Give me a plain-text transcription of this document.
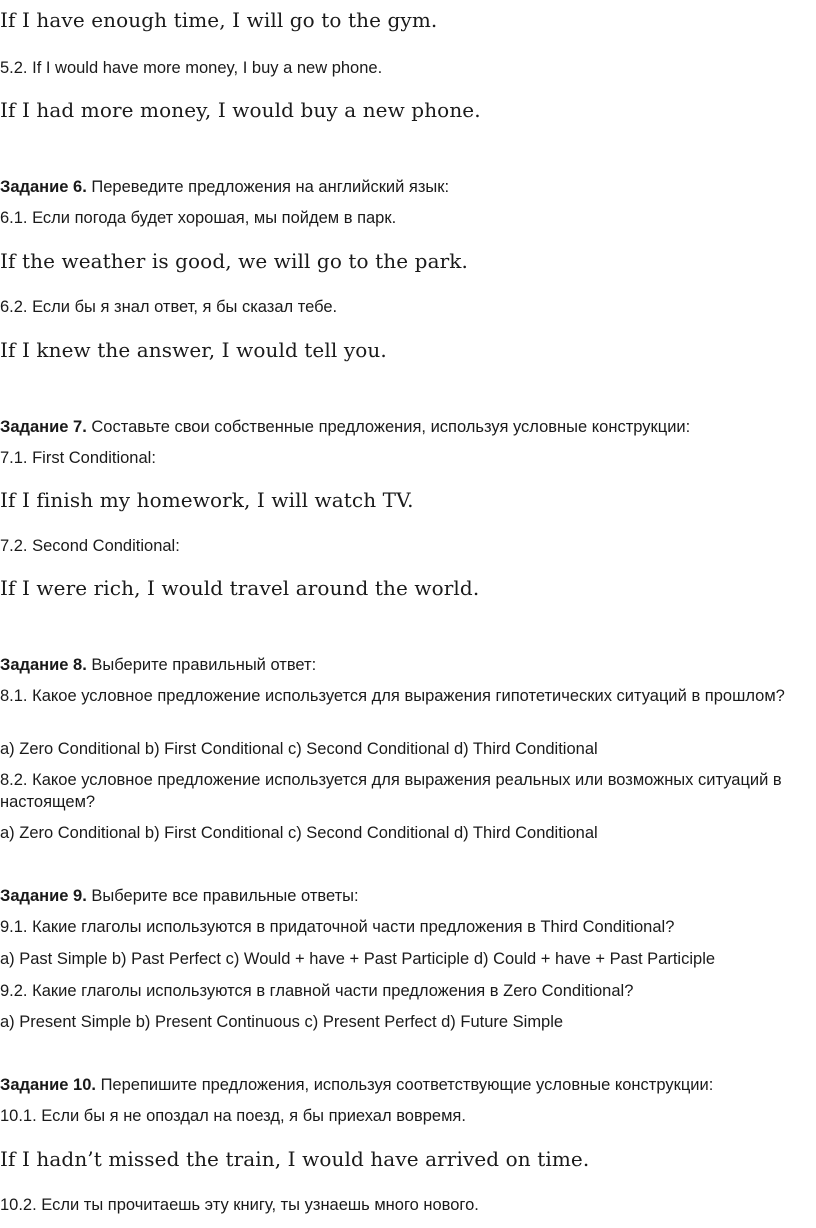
If I have enough time, I will go to the gym.
5.2. If I would have more money, I buy a new phone.
If I had more money, I would buy a new phone.
Задание 6. Переведите предложения на английский язык:
6.1. Если погода будет хорошая, мы пойдем в парк.
If the weather is good, we will go to the park.
6.2. Если бы я знал ответ, я бы сказал тебе.
If I knew the answer, I would tell you.
Задание 7. Составьте свои собственные предложения, используя условные конструкции:
7.1. First Conditional:
If I finish my homework, I will watch TV.
7.2. Second Conditional:
If I were rich, I would travel around the world.
Задание 8. Выберите правильный ответ:
8.1. Какое условное предложение используется для выражения гипотетических ситуаций в прошлом?
a) Zero Conditional b) First Conditional c) Second Conditional d) Third Conditional
8.2. Какое условное предложение используется для выражения реальных или возможных ситуаций в настоящем?
a) Zero Conditional b) First Conditional c) Second Conditional d) Third Conditional
Задание 9. Выберите все правильные ответы:
9.1. Какие глаголы используются в придаточной части предложения в Third Conditional?
a) Past Simple b) Past Perfect c) Would + have + Past Participle d) Could + have + Past Participle
9.2. Какие глаголы используются в главной части предложения в Zero Conditional?
a) Present Simple b) Present Continuous c) Present Perfect d) Future Simple
Задание 10. Перепишите предложения, используя соответствующие условные конструкции:
10.1. Если бы я не опоздал на поезд, я бы приехал вовремя.
If I hadn’t missed the train, I would have arrived on time.
10.2. Если ты прочитаешь эту книгу, ты узнаешь много нового.
